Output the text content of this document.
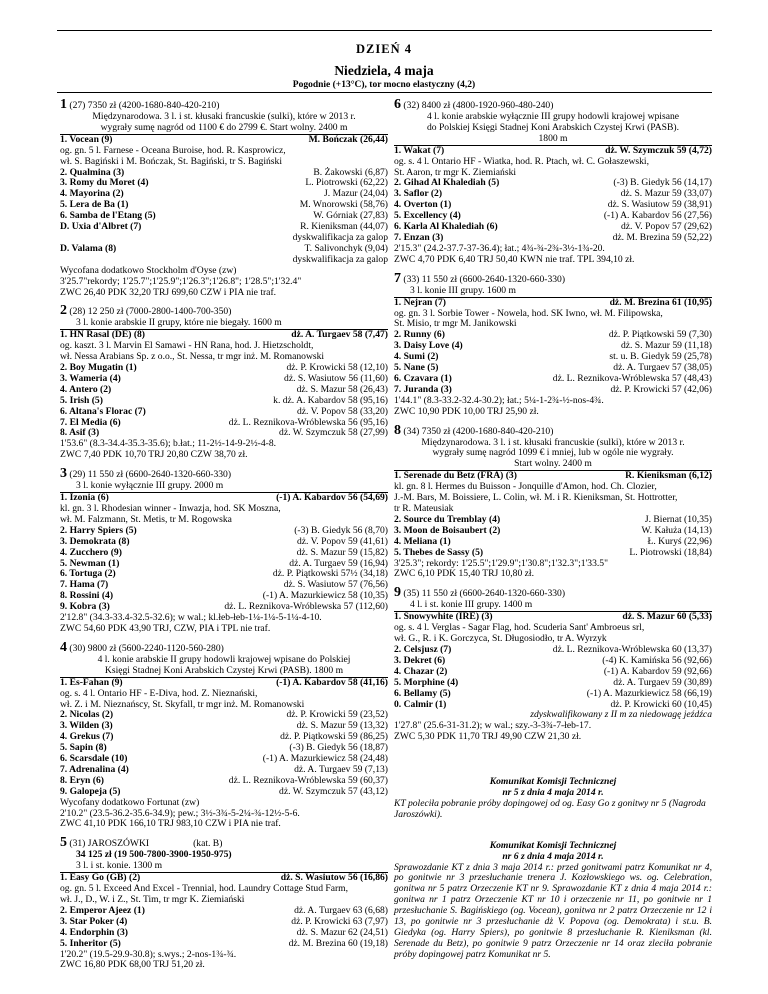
DZIEŃ 4
Niedziela, 4 maja
Pogodnie (+13°C), tor mocno elastyczny (4,2)
1 (27) 7350 zł (4200-1680-840-420-210)
Międzynarodowa. 3 l. i st. kłusaki francuskie (sulki), które w 2013 r.
wygrały sumę nagród od 1100 € do 2799 €. Start wolny. 2400 m
1. Vocean (9)	M. Bończak (26,44)
og. gn. 5 l. Farnese - Oceana Buroise, hod. R. Kasprowicz,
wł. S. Bagiński i M. Bończak, St. Bagiński, tr S. Bagiński
2. Qualmina (3)	B. Żakowski (6,87)
3. Romy du Moret (4)	L. Piotrowski (62,22)
4. Mayorina (2)	J. Mazur (24,04)
5. Lera de Ba (1)	M. Wnorowski (58,76)
6. Samba de l'Etang (5)	W. Górniak (27,83)
D. Uxia d'Albret (7)	R. Kieniksman (44,07)
dyskwalifikacja za galop
D. Valama (8)	T. Salivonchyk (9,04)
dyskwalifikacja za galop
Wycofana dodatkowo Stockholm d'Oyse (zw)
3'25.7"rekordy; 1'25.7";1'25.9";1'26.3";1'26.8"; 1'28.5";1'32.4"
ZWC 26,40 PDK 32,20 TRJ 699,60 CZW i PIA nie traf.
2 (28) 12 250 zł (7000-2800-1400-700-350)
3 l. konie arabskie II grupy, które nie biegały. 1600 m
1. HN Rasal (DE) (8)	dż. A. Turgaev 58 (7,47)
og. kaszt. 3 l. Marvin El Samawi - HN Rana, hod. J. Hietzscholdt,
wł. Nessa Arabians Sp. z o.o., St. Nessa, tr mgr inż. M. Romanowski
2. Boy Mugatin (1)	dż. P. Krowicki 58 (12,10)
3. Wameria (4)	dż. S. Wasiutow 56 (11,60)
4. Antero (2)	dż. S. Mazur 58 (26,43)
5. Irish (5)	k. dż. A. Kabardov 58 (95,16)
6. Altana's Florac (7)	dż. V. Popov 58 (33,20)
7. El Media (6)	dż. L. Reznikova-Wróblewska 56 (95,16)
8. Asif (3)	dż. W. Szymczuk 58 (27,99)
1'53.6" (8.3-34.4-35.3-35.6); b.łat.; 11-2½-14-9-2½-4-8.
ZWC 7,40 PDK 10,70 TRJ 20,80 CZW 38,70 zł.
3 (29) 11 550 zł (6600-2640-1320-660-330)
3 l. konie wyłącznie III grupy. 2000 m
1. Izonia (6)	(-1) A. Kabardov 56 (54,69)
kl. gn. 3 l. Rhodesian winner - Inwazja, hod. SK Moszna,
wł. M. Falzmann, St. Metis, tr M. Rogowska
2. Harry Spiers (5)	(-3) B. Giedyk 56 (8,70)
3. Demokrata (8)	dż. V. Popov 59 (41,61)
4. Zucchero (9)	dż. S. Mazur 59 (15,82)
5. Newman (1)	dż. A. Turgaev 59 (16,94)
6. Tortuga (2)	dż. P. Piątkowski 57½ (34,18)
7. Hama (7)	dż. S. Wasiutow 57 (76,56)
8. Rossini (4)	(-1) A. Mazurkiewicz 58 (10,35)
9. Kobra (3)	dż. L. Reznikova-Wróblewska 57 (112,60)
2'12.8" (34.3-33.4-32.5-32.6); w wal.; kl.łeb-łeb-1¼-1¼-5-1¼-4-10.
ZWC 54,60 PDK 43,90 TRJ, CZW, PIA i TPL nie traf.
4 (30) 9800 zł (5600-2240-1120-560-280)
4 l. konie arabskie II grupy hodowli krajowej wpisane do Polskiej
Księgi Stadnej Koni Arabskich Czystej Krwi (PASB). 1800 m
1. Es-Fahan (9)	(-1) A. Kabardov 58 (41,16)
og. s. 4 l. Ontario HF - E-Diva, hod. Z. Nieznański,
wł. Z. i M. Nieznańscy, St. Skyfall, tr mgr inż. M. Romanowski
2. Nicolas (2)	dż. P. Krowicki 59 (23,52)
3. Wilden (3)	dż. S. Mazur 59 (13,32)
4. Grekus (7)	dż. P. Piątkowski 59 (86,25)
5. Sapin (8)	(-3) B. Giedyk 56 (18,87)
6. Scarsdale (10)	(-1) A. Mazurkiewicz 58 (24,48)
7. Adrenalina (4)	dż. A. Turgaev 59 (7,13)
8. Eryn (6)	dż. L. Reznikova-Wróblewska 59 (60,37)
9. Galopeja (5)	dż. W. Szymczuk 57 (43,12)
Wycofany dodatkowo Fortunat (zw)
2'10.2" (23.5-36.2-35.6-34.9); pew.; 3½-3¾-5-2¼-¾-12½-5-6.
ZWC 41,10 PDK 166,10 TRJ 983,10 CZW i PIA nie traf.
5 (31) JAROSZÓWKI	(kat. B)
34 125 zł (19 500-7800-3900-1950-975)
3 l. i st. konie. 1300 m
1. Easy Go (GB) (2)	dż. S. Wasiutow 56 (16,86)
og. gn. 5 l. Exceed And Excel - Trennial, hod. Laundry Cottage Stud Farm,
wł. J., D., W. i Z., St. Tim, tr mgr K. Ziemiański
2. Emperor Ajeez (1)	dż. A. Turgaev 63 (6,68)
3. Star Poker (4)	dż. P. Krowicki 63 (7,97)
4. Endorphin (3)	dż. S. Mazur 62 (24,51)
5. Inheritor (5)	dż. M. Brezina 60 (19,18)
1'20.2" (19.5-29.9-30.8); s.wys.; 2-nos-1¾-¾.
ZWC 16,80 PDK 68,00 TRJ 51,20 zł.
6 (32) 8400 zł (4800-1920-960-480-240)
4 l. konie arabskie wyłącznie III grupy hodowli krajowej wpisane
do Polskiej Księgi Stadnej Koni Arabskich Czystej Krwi (PASB).
1800 m
1. Wakat (7)	dż. W. Szymczuk 59 (4,72)
og. s. 4 l. Ontario HF - Wiatka, hod. R. Ptach, wł. C. Gołaszewski,
St. Aaron, tr mgr K. Ziemiański
2. Gihad Al Khalediah (5)	(-3) B. Giedyk 56 (14,17)
3. Saflor (2)	dż. S. Mazur 59 (33,07)
4. Overton (1)	dż. S. Wasiutow 59 (38,91)
5. Excellency (4)	(-1) A. Kabardov 56 (27,56)
6. Karla Al Khalediah (6)	dż. V. Popov 57 (29,62)
7. Enzan (3)	dż. M. Brezina 59 (52,22)
2'15.3" (24.2-37.7-37-36.4); łat.; 4¾-¾-2¾-3½-1¾-20.
ZWC 4,70 PDK 6,40 TRJ 50,40 KWN nie traf. TPL 394,10 zł.
7 (33) 11 550 zł (6600-2640-1320-660-330)
3 l. konie III grupy. 1600 m
1. Nejran (7)	dż. M. Brezina 61 (10,95)
og. gn. 3 l. Sorbie Tower - Nowela, hod. SK Iwno, wł. M. Filipowska,
St. Misio, tr mgr M. Janikowski
2. Runny (6)	dż. P. Piątkowski 59 (7,30)
3. Daisy Love (4)	dż. S. Mazur 59 (11,18)
4. Sumi (2)	st. u. B. Giedyk 59 (25,78)
5. Nane (5)	dż. A. Turgaev 57 (38,05)
6. Czavara (1)	dż. L. Reznikova-Wróblewska 57 (48,43)
7. Juranda (3)	dż. P. Krowicki 57 (42,06)
1'44.1" (8.3-33.2-32.4-30.2); łat.; 5¼-1-2¾-½-nos-4¾.
ZWC 10,90 PDK 10,00 TRJ 25,90 zł.
8 (34) 7350 zł (4200-1680-840-420-210)
Międzynarodowa. 3 l. i st. kłusaki francuskie (sulki), które w 2013 r.
wygrały sumę nagród 1099 € i mniej, lub w ogóle nie wygrały.
Start wolny. 2400 m
1. Serenade du Betz (FRA) (3)	R. Kieniksman (6,12)
kl. gn. 8 l. Hermes du Buisson - Jonquille d'Amon, hod. Ch. Clozier,
J.-M. Bars, M. Boissiere, L. Colin, wł. M. i R. Kieniksman, St. Hottrotter,
tr R. Mateusiak
2. Source du Tremblay (4)	J. Biernat (10,35)
3. Moon de Boisaubert (2)	W. Kałuża (14,13)
4. Meliana (1)	Ł. Kuryś (22,96)
5. Thebes de Sassy (5)	L. Piotrowski (18,84)
3'25.3"; rekordy: 1'25.5";1'29.9";1'30.8";1'32.3";1'33.5"
ZWC 6,10 PDK 15,40 TRJ 10,80 zł.
9 (35) 11 550 zł (6600-2640-1320-660-330)
4 l. i st. konie III grupy. 1400 m
1. Snowywhite (IRE) (3)	dż. S. Mazur 60 (5,33)
og. s. 4 l. Verglas - Sagar Flag, hod. Scuderia Sant' Ambroeus srl,
wł. G., R. i K. Gorczyca, St. Długosiodło, tr A. Wyrzyk
2. Celsjusz (7)	dż. L. Reznikova-Wróblewska 60 (13,37)
3. Dekret (6)	(-4) K. Kamińska 56 (92,66)
4. Chazar (2)	(-1) A. Kabardov 59 (92,66)
5. Morphine (4)	dż. A. Turgaev 59 (30,89)
6. Bellamy (5)	(-1) A. Mazurkiewicz 58 (66,19)
0. Calmir (1)	dż. P. Krowicki 60 (10,45)
zdyskwalifikowany z II m za niedowagę jeźdźca
1'27.8" (25.6-31-31.2); w wal.; szy.-3-3¾-7-łeb-17.
ZWC 5,30 PDK 11,70 TRJ 49,90 CZW 21,30 zł.
Komunikat Komisji Technicznej
nr 5 z dnia 4 maja 2014 r.
KT poleciła pobranie próby dopingowej od og. Easy Go z gonitwy nr 5 (Nagroda Jaroszówki).
Komunikat Komisji Technicznej
nr 6 z dnia 4 maja 2014 r.
Sprawozdanie KT z dnia 3 maja 2014 r.: przed gonitwami patrz Komunikat nr 4, po gonitwie nr 3 przesłuchanie trenera J. Kozłowskiego ws. og. Celebration, gonitwa nr 5 patrz Orzeczenie KT nr 9. Sprawozdanie KT z dnia 4 maja 2014 r.: gonitwa nr 1 patrz Orzeczenie KT nr 10 i orzeczenie nr 11, po gonitwie nr 1 przesłuchanie S. Bagińskiego (og. Vocean), gonitwa nr 2 patrz Orzeczenie nr 12 i 13, po gonitwie nr 3 przesłuchanie dż V. Popova (og. Demokrata) i st.u. B. Giedyka (og. Harry Spiers), po gonitwie 8 przesłuchanie R. Kieniksman (kl. Serenade du Betz), po gonitwie 9 patrz Orzeczenie nr 14 oraz zleciła pobranie próby dopingowej patrz Komunikat nr 5.
